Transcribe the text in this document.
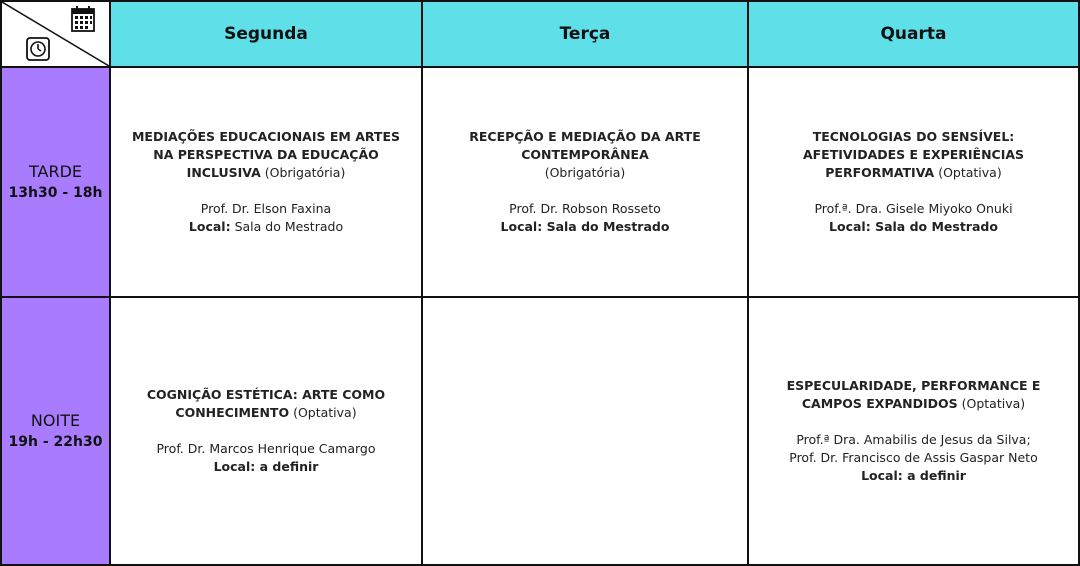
Segunda	Terça	Quarta
TARDE
13h30 - 18h
NOITE
19h - 22h30
MEDIAÇÕES EDUCACIONAIS EM ARTES NA PERSPECTIVA DA EDUCAÇÃO INCLUSIVA (Obrigatória)
Prof. Dr. Elson Faxina
Local: Sala do Mestrado
RECEPÇÃO E MEDIAÇÃO DA ARTE CONTEMPORÂNEA
(Obrigatória)
Prof. Dr. Robson Rosseto
Local: Sala do Mestrado
TECNOLOGIAS DO SENSÍVEL: AFETIVIDADES E EXPERIÊNCIAS PERFORMATIVA (Optativa)
Prof.ª. Dra. Gisele Miyoko Onuki
Local: Sala do Mestrado
COGNIÇÃO ESTÉTICA: ARTE COMO CONHECIMENTO (Optativa)
Prof. Dr. Marcos Henrique Camargo
Local: a definir
ESPECULARIDADE, PERFORMANCE E CAMPOS EXPANDIDOS (Optativa)
Prof.ª Dra. Amabilis de Jesus da Silva;
Prof. Dr. Francisco de Assis Gaspar Neto
Local: a definir
